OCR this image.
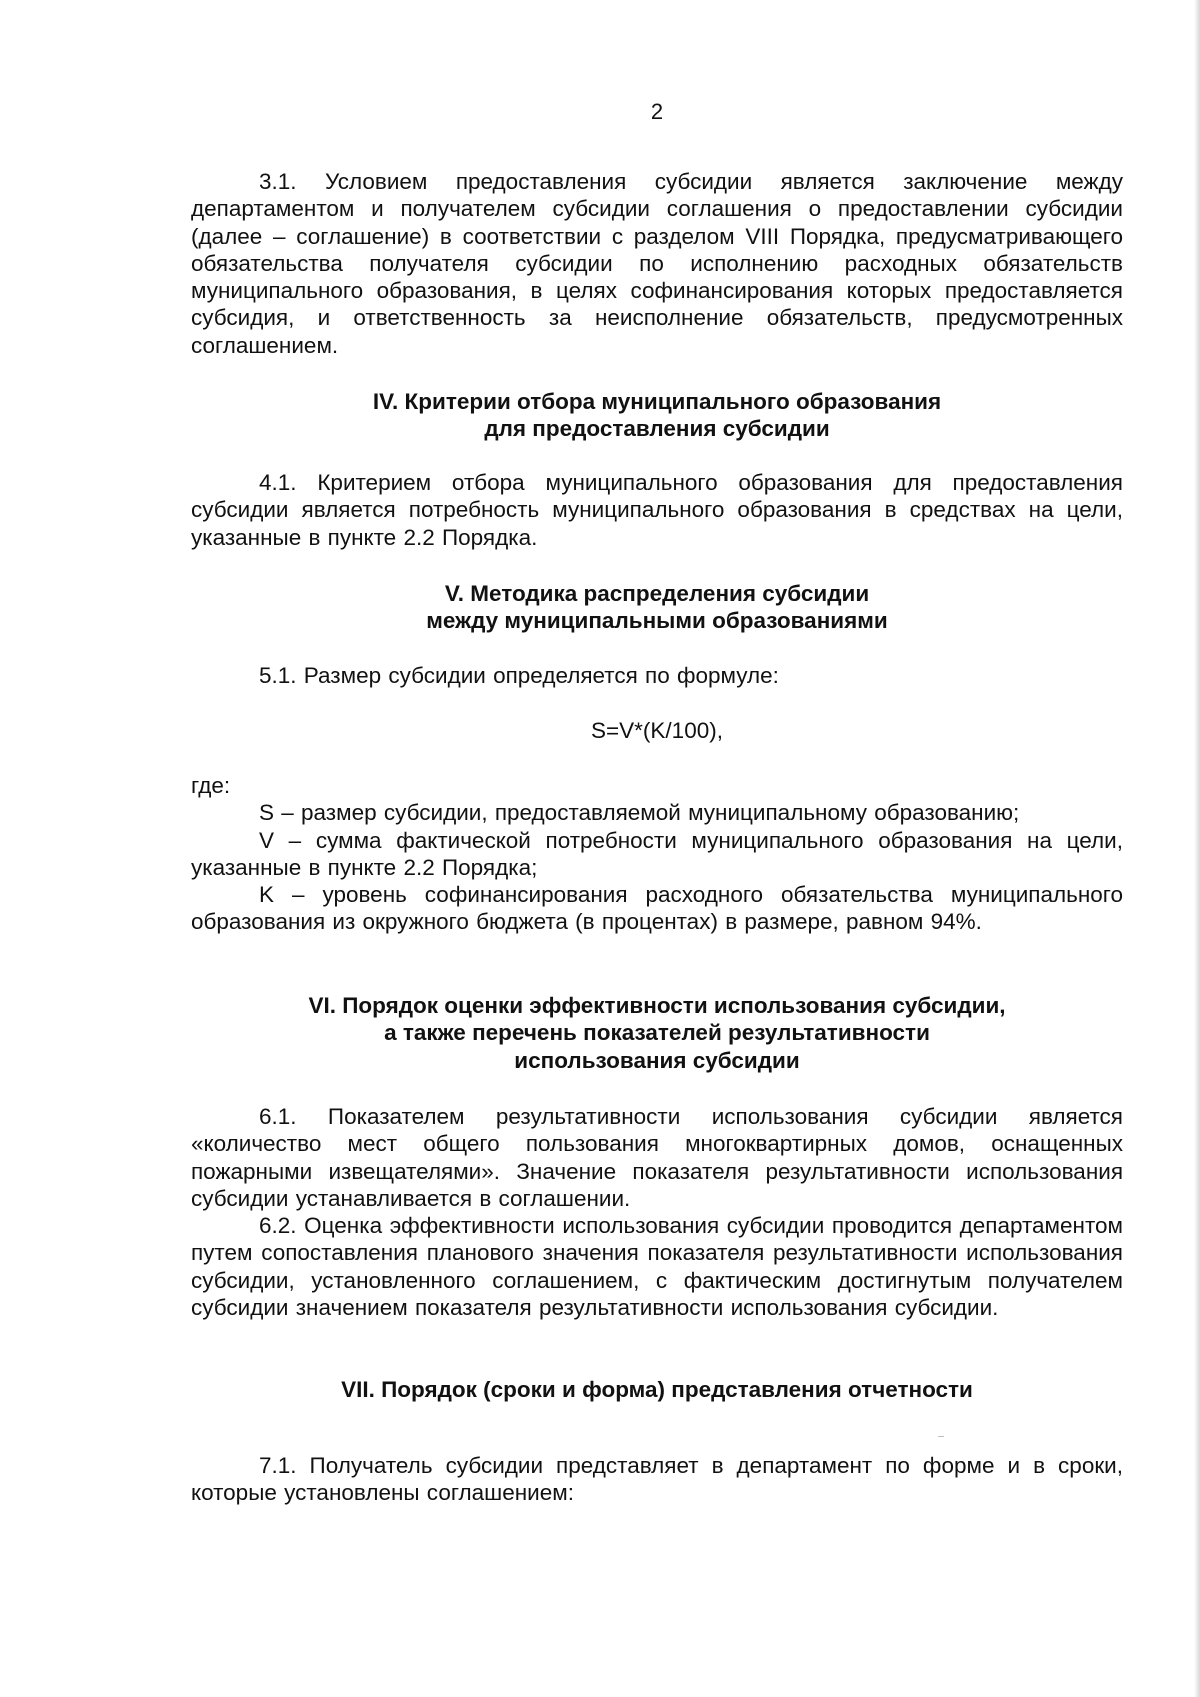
2

3.1. Условием предоставления субсидии является заключение между департаментом и получателем субсидии соглашения о предоставлении субсидии (далее – соглашение) в соответствии с разделом VIII Порядка, предусматривающего обязательства получателя субсидии по исполнению расходных обязательств муниципального образования, в целях софинансирования которых предоставляется субсидия, и ответственность за неисполнение обязательств, предусмотренных соглашением.

IV. Критерии отбора муниципального образования

для предоставления субсидии

4.1. Критерием отбора муниципального образования для предоставления субсидии является потребность муниципального образования в средствах на цели, указанные в пункте 2.2 Порядка.

V. Методика распределения субсидии

между муниципальными образованиями

5.1. Размер субсидии определяется по формуле:

S=V*(K/100),

где:

S – размер субсидии, предоставляемой муниципальному образованию;

V – сумма фактической потребности муниципального образования на цели, указанные в пункте 2.2 Порядка;

K – уровень софинансирования расходного обязательства муниципального образования из окружного бюджета (в процентах) в размере, равном 94%.

VI. Порядок оценки эффективности использования субсидии,

а также перечень показателей результативности

использования субсидии

6.1. Показателем результативности использования субсидии является «количество мест общего пользования многоквартирных домов, оснащенных пожарными извещателями». Значение показателя результативности использования субсидии устанавливается в соглашении.

6.2. Оценка эффективности использования субсидии проводится департаментом путем сопоставления планового значения показателя результативности использования субсидии, установленного соглашением, с фактическим достигнутым получателем субсидии значением показателя результативности использования субсидии.

VII. Порядок (сроки и форма) представления отчетности

7.1. Получатель субсидии представляет в департамент по форме и в сроки, которые установлены соглашением:
